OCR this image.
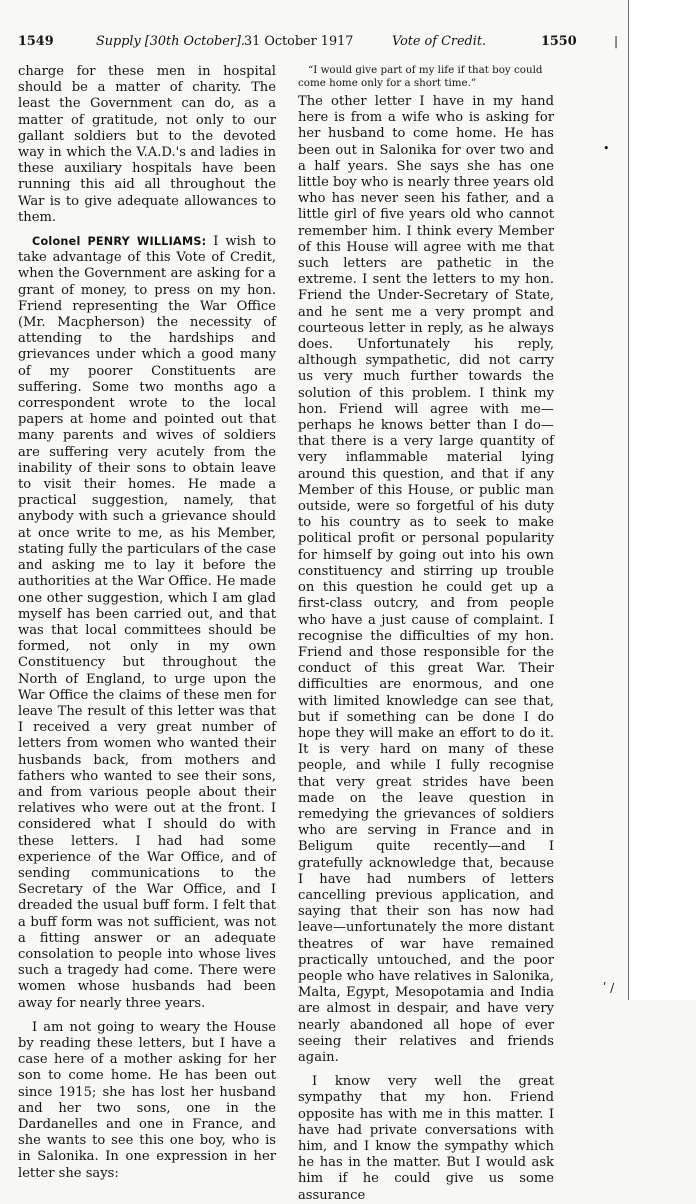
1549	Supply [30th October]. 31 October 1917	Vote of Credit.	1550

charge for these men in hospital should be a matter of charity. The least the Government can do, as a matter of gratitude, not only to our gallant soldiers but to the devoted way in which the V.A.D.'s and ladies in these auxiliary hospitals have been running this aid all throughout the War is to give adequate allowances to them.

Colonel PENRY WILLIAMS: I wish to take advantage of this Vote of Credit, when the Government are asking for a grant of money, to press on my hon. Friend representing the War Office (Mr. Macpherson) the necessity of attending to the hardships and grievances under which a good many of my poorer Constituents are suffering. Some two months ago a correspondent wrote to the local papers at home and pointed out that many parents and wives of soldiers are suffering very acutely from the inability of their sons to obtain leave to visit their homes. He made a practical suggestion, namely, that anybody with such a grievance should at once write to me, as his Member, stating fully the particulars of the case and asking me to lay it before the authorities at the War Office. He made one other suggestion, which I am glad myself has been carried out, and that was that local committees should be formed, not only in my own Constituency but throughout the North of England, to urge upon the War Office the claims of these men for leave The result of this letter was that I received a very great number of letters from women who wanted their husbands back, from mothers and fathers who wanted to see their sons, and from various people about their relatives who were out at the front. I considered what I should do with these letters. I had had some experience of the War Office, and of sending communications to the Secretary of the War Office, and I dreaded the usual buff form. I felt that a buff form was not sufficient, was not a fitting answer or an adequate consolation to people into whose lives such a tragedy had come. There were women whose husbands had been away for nearly three years.

I am not going to weary the House by reading these letters, but I have a case here of a mother asking for her son to come home. He has been out since 1915; she has lost her husband and her two sons, one in the Dardanelles and one in France, and she wants to see this one boy, who is in Salonika. In one expression in her letter she says:

“I would give part of my life if that boy could come home only for a short time.”

The other letter I have in my hand here is from a wife who is asking for her husband to come home. He has been out in Salonika for over two and a half years. She says she has one little boy who is nearly three years old who has never seen his father, and a little girl of five years old who cannot remember him. I think every Member of this House will agree with me that such letters are pathetic in the extreme. I sent the letters to my hon. Friend the Under-Secretary of State, and he sent me a very prompt and courteous letter in reply, as he always does. Unfortunately his reply, although sympathetic, did not carry us very much further towards the solution of this problem. I think my hon. Friend will agree with me—perhaps he knows better than I do—that there is a very large quantity of very inflammable material lying around this question, and that if any Member of this House, or public man outside, were so forgetful of his duty to his country as to seek to make political profit or personal popularity for himself by going out into his own constituency and stirring up trouble on this question he could get up a first-class outcry, and from people who have a just cause of complaint. I recognise the difficulties of my hon. Friend and those responsible for the conduct of this great War. Their difficulties are enormous, and one with limited knowledge can see that, but if something can be done I do hope they will make an effort to do it. It is very hard on many of these people, and while I fully recognise that very great strides have been made on the leave question in remedying the grievances of soldiers who are serving in France and in Beligum quite recently—and I gratefully acknowledge that, because I have had numbers of letters cancelling previous application, and saying that their son has now had leave—unfortunately the more distant theatres of war have remained practically untouched, and the poor people who have relatives in Salonika, Malta, Egypt, Mesopotamia and India are almost in despair, and have very nearly abandoned all hope of ever seeing their relatives and friends again.

I know very well the great sympathy that my hon. Friend opposite has with me in this matter. I have had private conversations with him, and I know the sympathy which he has in the matter. But I would ask him if he could give us some assurance

•
|
ʹ /
